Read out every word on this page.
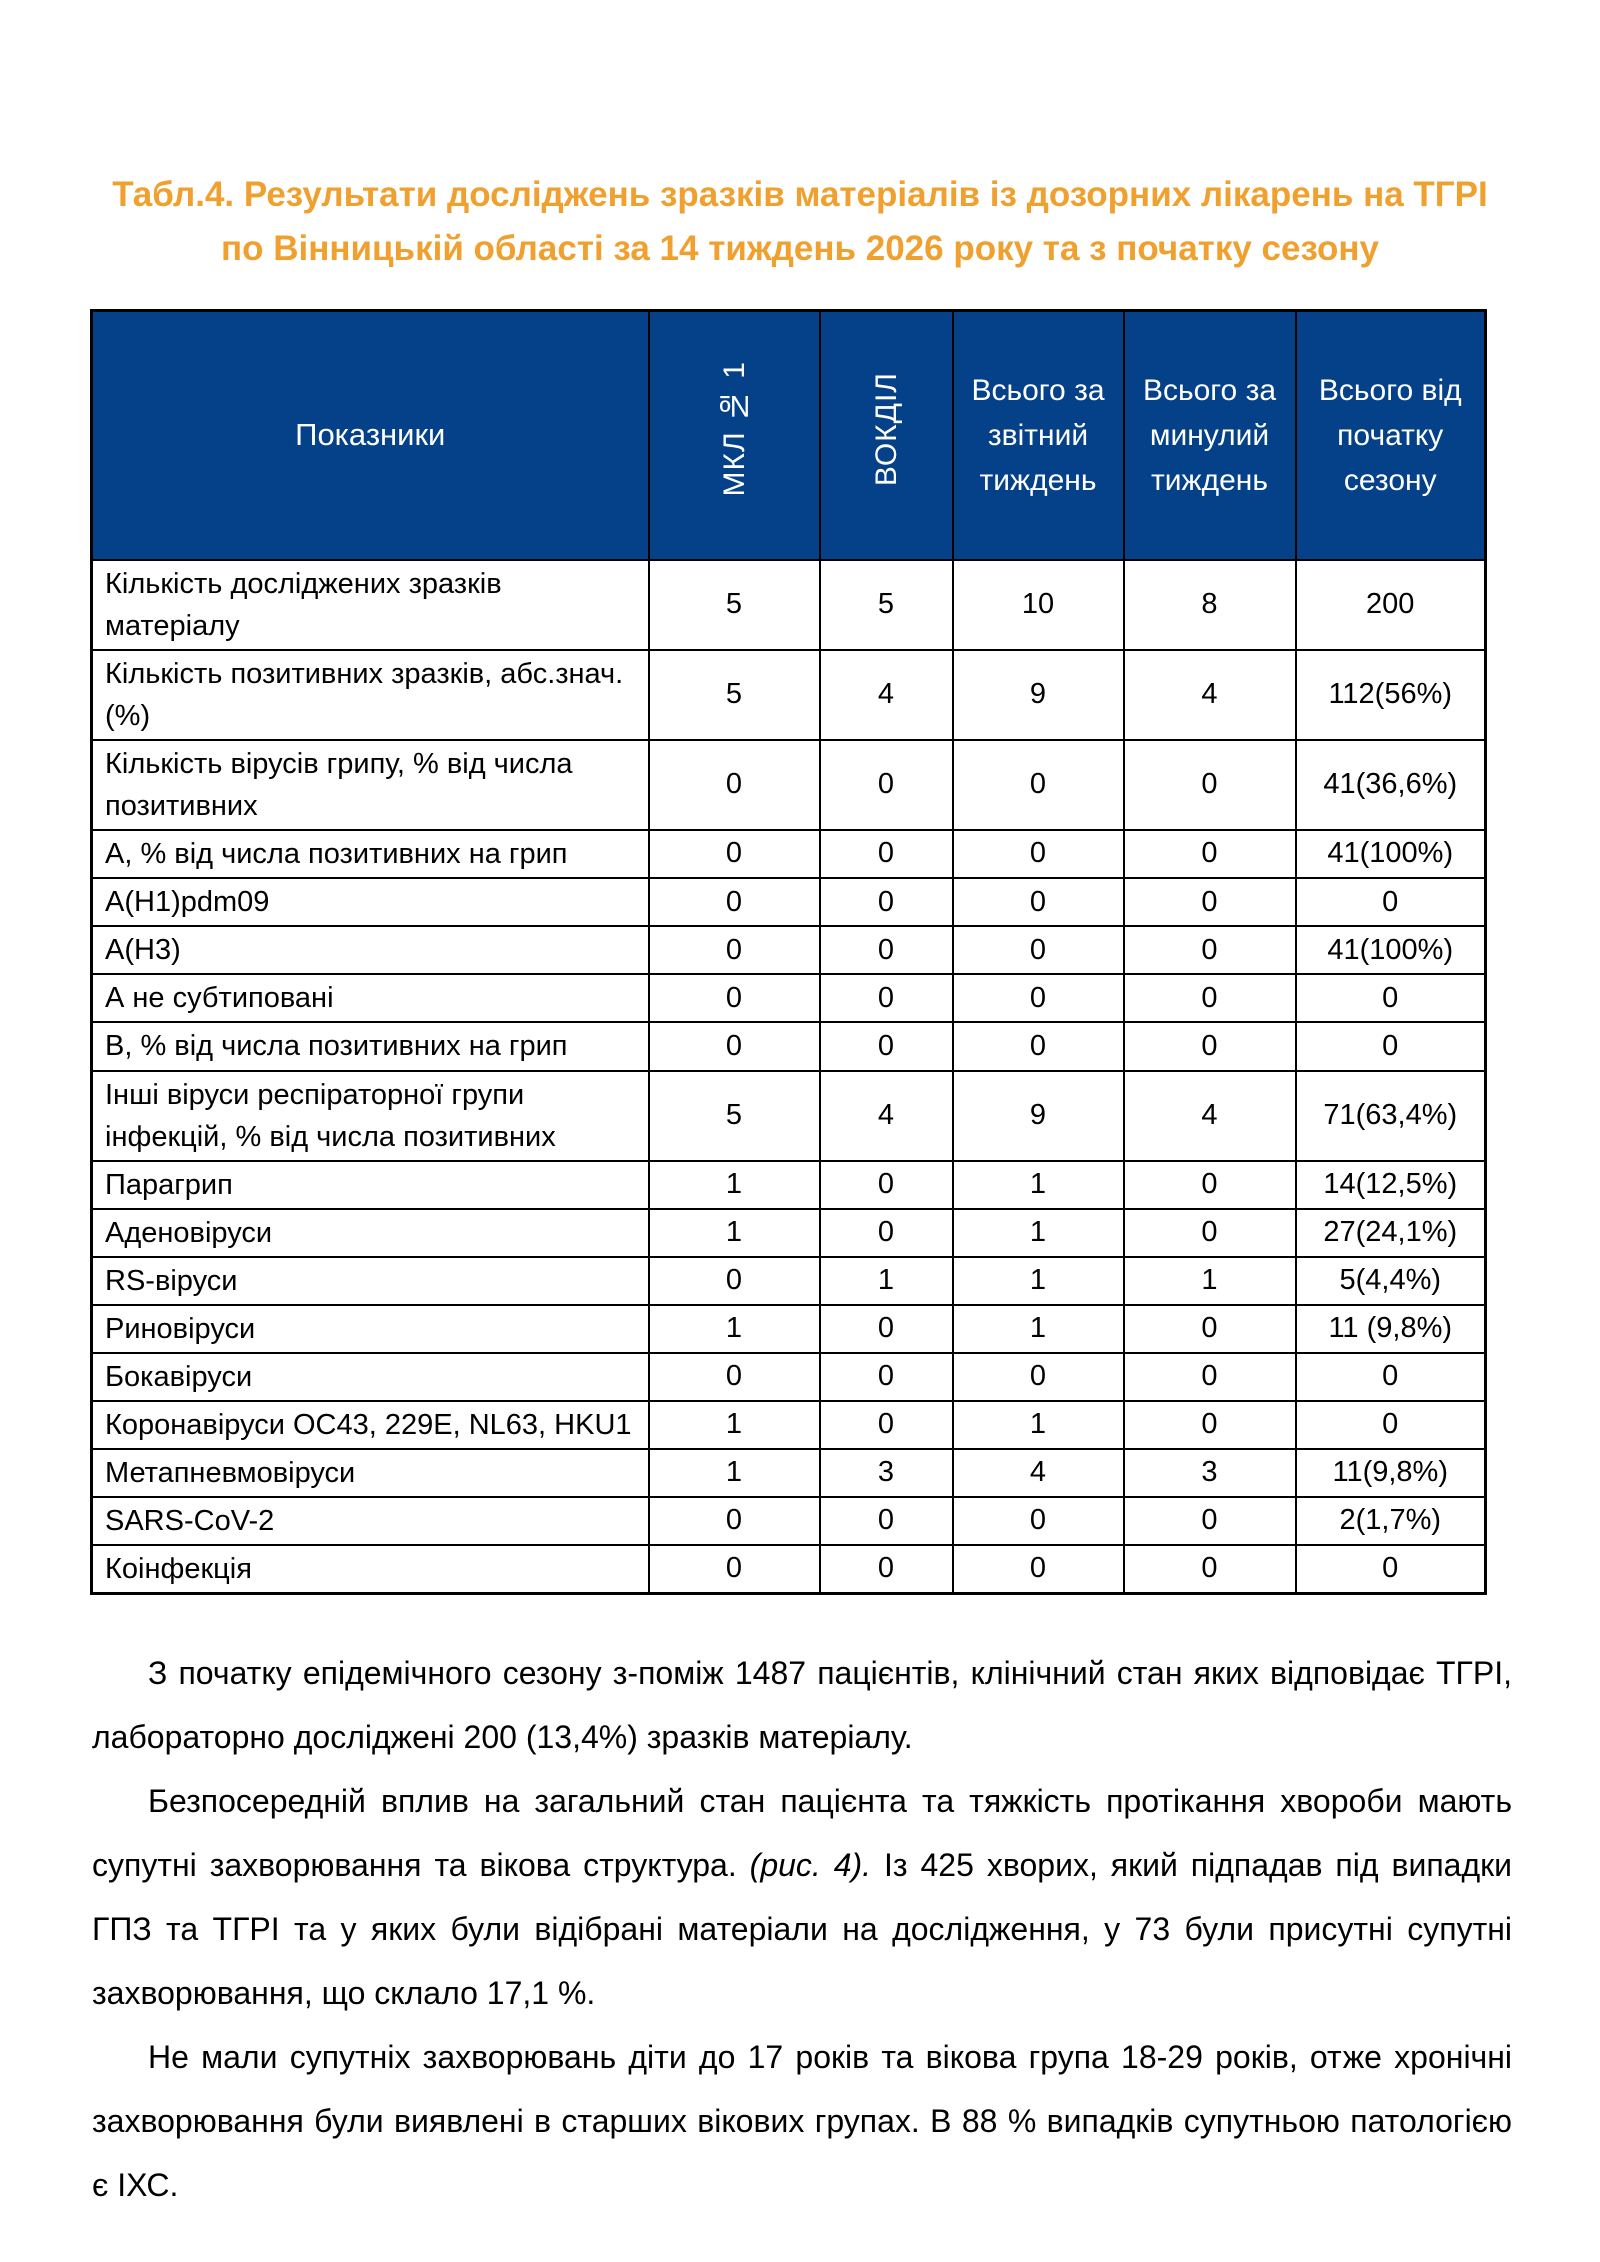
Табл.4. Результати досліджень зразків матеріалів із дозорних лікарень на ТГРІ
по Вінницькій області за 14 тиждень 2026 року та з початку сезону
Показники	МКЛ № 1	ВОКДІЛ	Всього за звітний тиждень	Всього за минулий тиждень	Всього від початку сезону
Кількість досліджених зразків матеріалу	5	5	10	8	200
Кількість позитивних зразків, абс.знач. (%)	5	4	9	4	112(56%)
Кількість вірусів грипу, % від числа позитивних	0	0	0	0	41(36,6%)
А, % від числа позитивних на грип	0	0	0	0	41(100%)
A(H1)pdm09	0	0	0	0	0
A(H3)	0	0	0	0	41(100%)
А не субтиповані	0	0	0	0	0
В, % від числа позитивних на грип	0	0	0	0	0
Інші віруси респіраторної групи інфекцій, % від числа позитивних	5	4	9	4	71(63,4%)
Парагрип	1	0	1	0	14(12,5%)
Аденовіруси	1	0	1	0	27(24,1%)
RS-віруси	0	1	1	1	5(4,4%)
Риновіруси	1	0	1	0	11 (9,8%)
Бокавіруси	0	0	0	0	0
Коронавіруси OC43, 229E, NL63, HKU1	1	0	1	0	0
Метапневмовіруси	1	3	4	3	11(9,8%)
SARS-CoV-2	0	0	0	0	2(1,7%)
Коінфекція	0	0	0	0	0

З початку епідемічного сезону з-поміж 1487 пацієнтів, клінічний стан яких відповідає ТГРІ, лабораторно досліджені 200 (13,4%) зразків матеріалу.

Безпосередній вплив на загальний стан пацієнта та тяжкість протікання хвороби мають супутні захворювання та вікова структура. (рис. 4). Із 425 хворих, який підпадав під випадки ГПЗ та ТГРІ та у яких були відібрані матеріали на дослідження, у 73 були присутні супутні захворювання, що склало 17,1 %.

Не мали супутніх захворювань діти до 17 років та вікова група 18-29 років, отже хронічні захворювання були виявлені в старших вікових групах. В 88 % випадків супутньою патологією є ІХС.
